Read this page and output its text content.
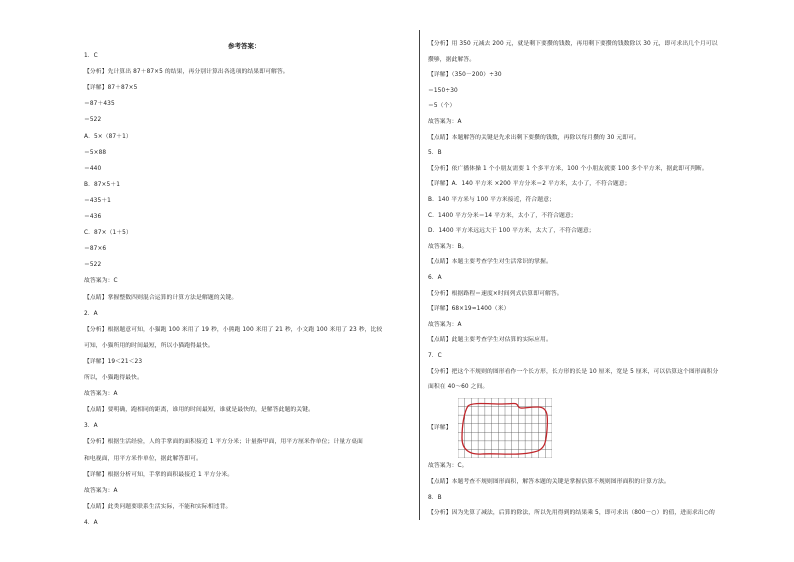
参考答案：
1．C
【分析】先计算出 87＋87×5 的结果，再分别计算出各选项的结果即可解答。
【详解】87＋87×5
＝87＋435
＝522
A．5×（87＋1）
＝5×88
＝440
B．87×5＋1
＝435＋1
＝436
C．87×（1＋5）
＝87×6
＝522
故答案为：C
【点睛】掌握整数四则混合运算的计算方法是解题的关键。
2．A
【分析】根据题意可知，小猫跑 100 米用了 19 秒，小熊跑 100 米用了 21 秒，小文跑 100 米用了 23 秒，比较
可知，小猫所用的时间最短，所以小猫跑得最快。
【详解】19＜21＜23
所以，小猫跑得最快。
故答案为：A
【点睛】要明确，跑相同的距离，谁用的时间最短，谁就是最快的，是解答此题的关键。
3．A
【分析】根据生活经验，人的手掌面的面积接近 1 平方分米；计量指甲面，用平方厘米作单位；计量方桌面
和电视面，用平方米作单位，据此解答即可。
【详解】根据分析可知，手掌的面积最接近 1 平方分米。
故答案为：A
【点睛】此类问题要联系生活实际，不能和实际相违背。
4．A
【分析】用 350 元减去 200 元，就是剩下要攒的钱数，再用剩下要攒的钱数除以 30 元，即可求出几个月可以
攒够，据此解答。
【详解】（350－200）÷30
＝150÷30
＝5（个）
故答案为：A
【点睛】本题解答的关键是先求出剩下要攒的钱数，再除以每月攒的 30 元即可。
5．B
【分析】依广播体操 1 个小朋友需要 1 个多平方米，100 个小朋友就要 100 多个平方米，据此即可判断。
【详解】A．140 平方米 ×200 平方分米＝2 平方米，太小了，不符合题意；
B．140 平方米与 100 平方米接近，符合题意；
C．1400 平方分米＝14 平方米，太小了，不符合题意；
D．1400 平方米远远大于 100 平方米，太大了，不符合题意；
故答案为：B。
【点睛】本题主要考查学生对生活常识的掌握。
6．A
【分析】根据路程＝速度×时间列式估算即可解答。
【详解】68×19≈1400（米）
故答案为：A
【点睛】此题主要考查学生对估算的实际应用。
7．C
【分析】把这个不规则的图形看作一个长方形，长方形的长是 10 厘米，宽是 5 厘米，可以估算这个图形面积分
面积在 40～60 之间。
【详解】
故答案为：C。
【点睛】本题考查不规则图形面积，解答本题的关键是掌握估算不规则图形面积的计算方法。
8．B
【分析】因为先算了减法，后算的除法，所以先用得到的结果乘 5，即可求出（800－○）的值，进而求出○的
